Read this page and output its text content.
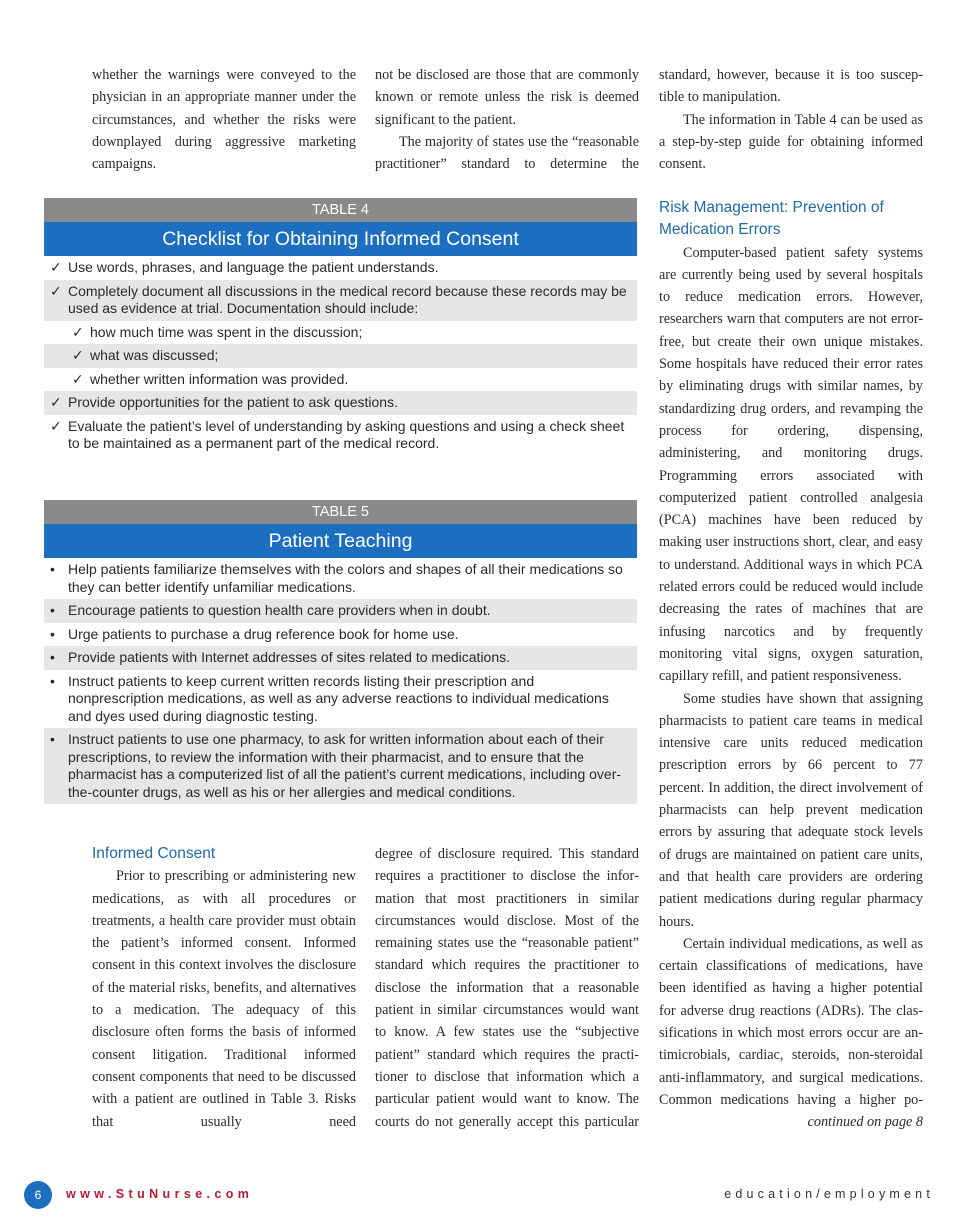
whether the warnings were conveyed to the physician in an appropriate manner under the circumstances, and whether the risks were downplayed during aggressive marketing campaigns.

not be disclosed are those that are commonly known or remote unless the risk is deemed significant to the patient.

The majority of states use the “reasonable practitioner” standard to determine the

standard, however, because it is too susceptible to manipulation.

The information in Table 4 can be used as a step-by-step guide for obtaining informed consent.

TABLE 4
Checklist for Obtaining Informed Consent
✓ Use words, phrases, and language the patient understands.
✓ Completely document all discussions in the medical record because these records may be used as evidence at trial. Documentation should include:
✓ how much time was spent in the discussion;
✓ what was discussed;
✓ whether written information was provided.
✓ Provide opportunities for the patient to ask questions.
✓ Evaluate the patient’s level of understanding by asking questions and using a check sheet to be maintained as a permanent part of the medical record.
TABLE 5
Patient Teaching
• Help patients familiarize themselves with the colors and shapes of all their medications so they can better identify unfamiliar medications.
• Encourage patients to question health care providers when in doubt.
• Urge patients to purchase a drug reference book for home use.
• Provide patients with Internet addresses of sites related to medications.
• Instruct patients to keep current written records listing their prescription and nonprescription medications, as well as any adverse reactions to individual medications and dyes used during diagnostic testing.
• Instruct patients to use one pharmacy, to ask for written information about each of their prescriptions, to review the information with their pharmacist, and to ensure that the pharmacist has a computerized list of all the patient’s current medications, including over-the-counter drugs, as well as his or her allergies and medical conditions.

Informed Consent

Prior to prescribing or administering new medications, as with all procedures or treatments, a health care provider must obtain the patient’s informed consent. Informed consent in this context involves the disclosure of the material risks, benefits, and alternatives to a medication. The adequacy of this disclosure often forms the basis of informed consent litigation. Traditional informed consent components that need to be discussed with a patient are outlined in Table 3. Risks that usually need

degree of disclosure required. This standard requires a practitioner to disclose the information that most practitioners in similar circumstances would disclose. Most of the remaining states use the “reasonable patient” standard which requires the practitioner to disclose the information that a reasonable patient in similar circumstances would want to know. A few states use the “subjective patient” standard which requires the practitioner to disclose that information which a particular patient would want to know. The courts do not generally accept this particular

Risk Management: Prevention of Medication Errors

Computer-based patient safety systems are currently being used by several hospitals to reduce medication errors. However, researchers warn that computers are not error-free, but create their own unique mistakes. Some hospitals have reduced their error rates by eliminating drugs with similar names, by standardizing drug orders, and revamping the process for ordering, dispensing, administering, and monitoring drugs. Programming errors associated with computerized patient controlled analgesia (PCA) machines have been reduced by making user instructions short, clear, and easy to understand. Additional ways in which PCA related errors could be reduced would include decreasing the rates of machines that are infusing narcotics and by frequently monitoring vital signs, oxygen saturation, capillary refill, and patient responsiveness.

Some studies have shown that assigning pharmacists to patient care teams in medical intensive care units reduced medication prescription errors by 66 percent to 77 percent. In addition, the direct involvement of pharmacists can help prevent medication errors by assuring that adequate stock levels of drugs are maintained on patient care units, and that health care providers are ordering patient medications during regular pharmacy hours.

Certain individual medications, as well as certain classifications of medications, have been identified as having a higher potential for adverse drug reactions (ADRs). The classifications in which most errors occur are antimicrobials, cardiac, steroids, non-steroidal anti-inflammatory, and surgical medications. Common medications having a higher po-

continued on page 8

6	www.StuNurse.com	education/employment
